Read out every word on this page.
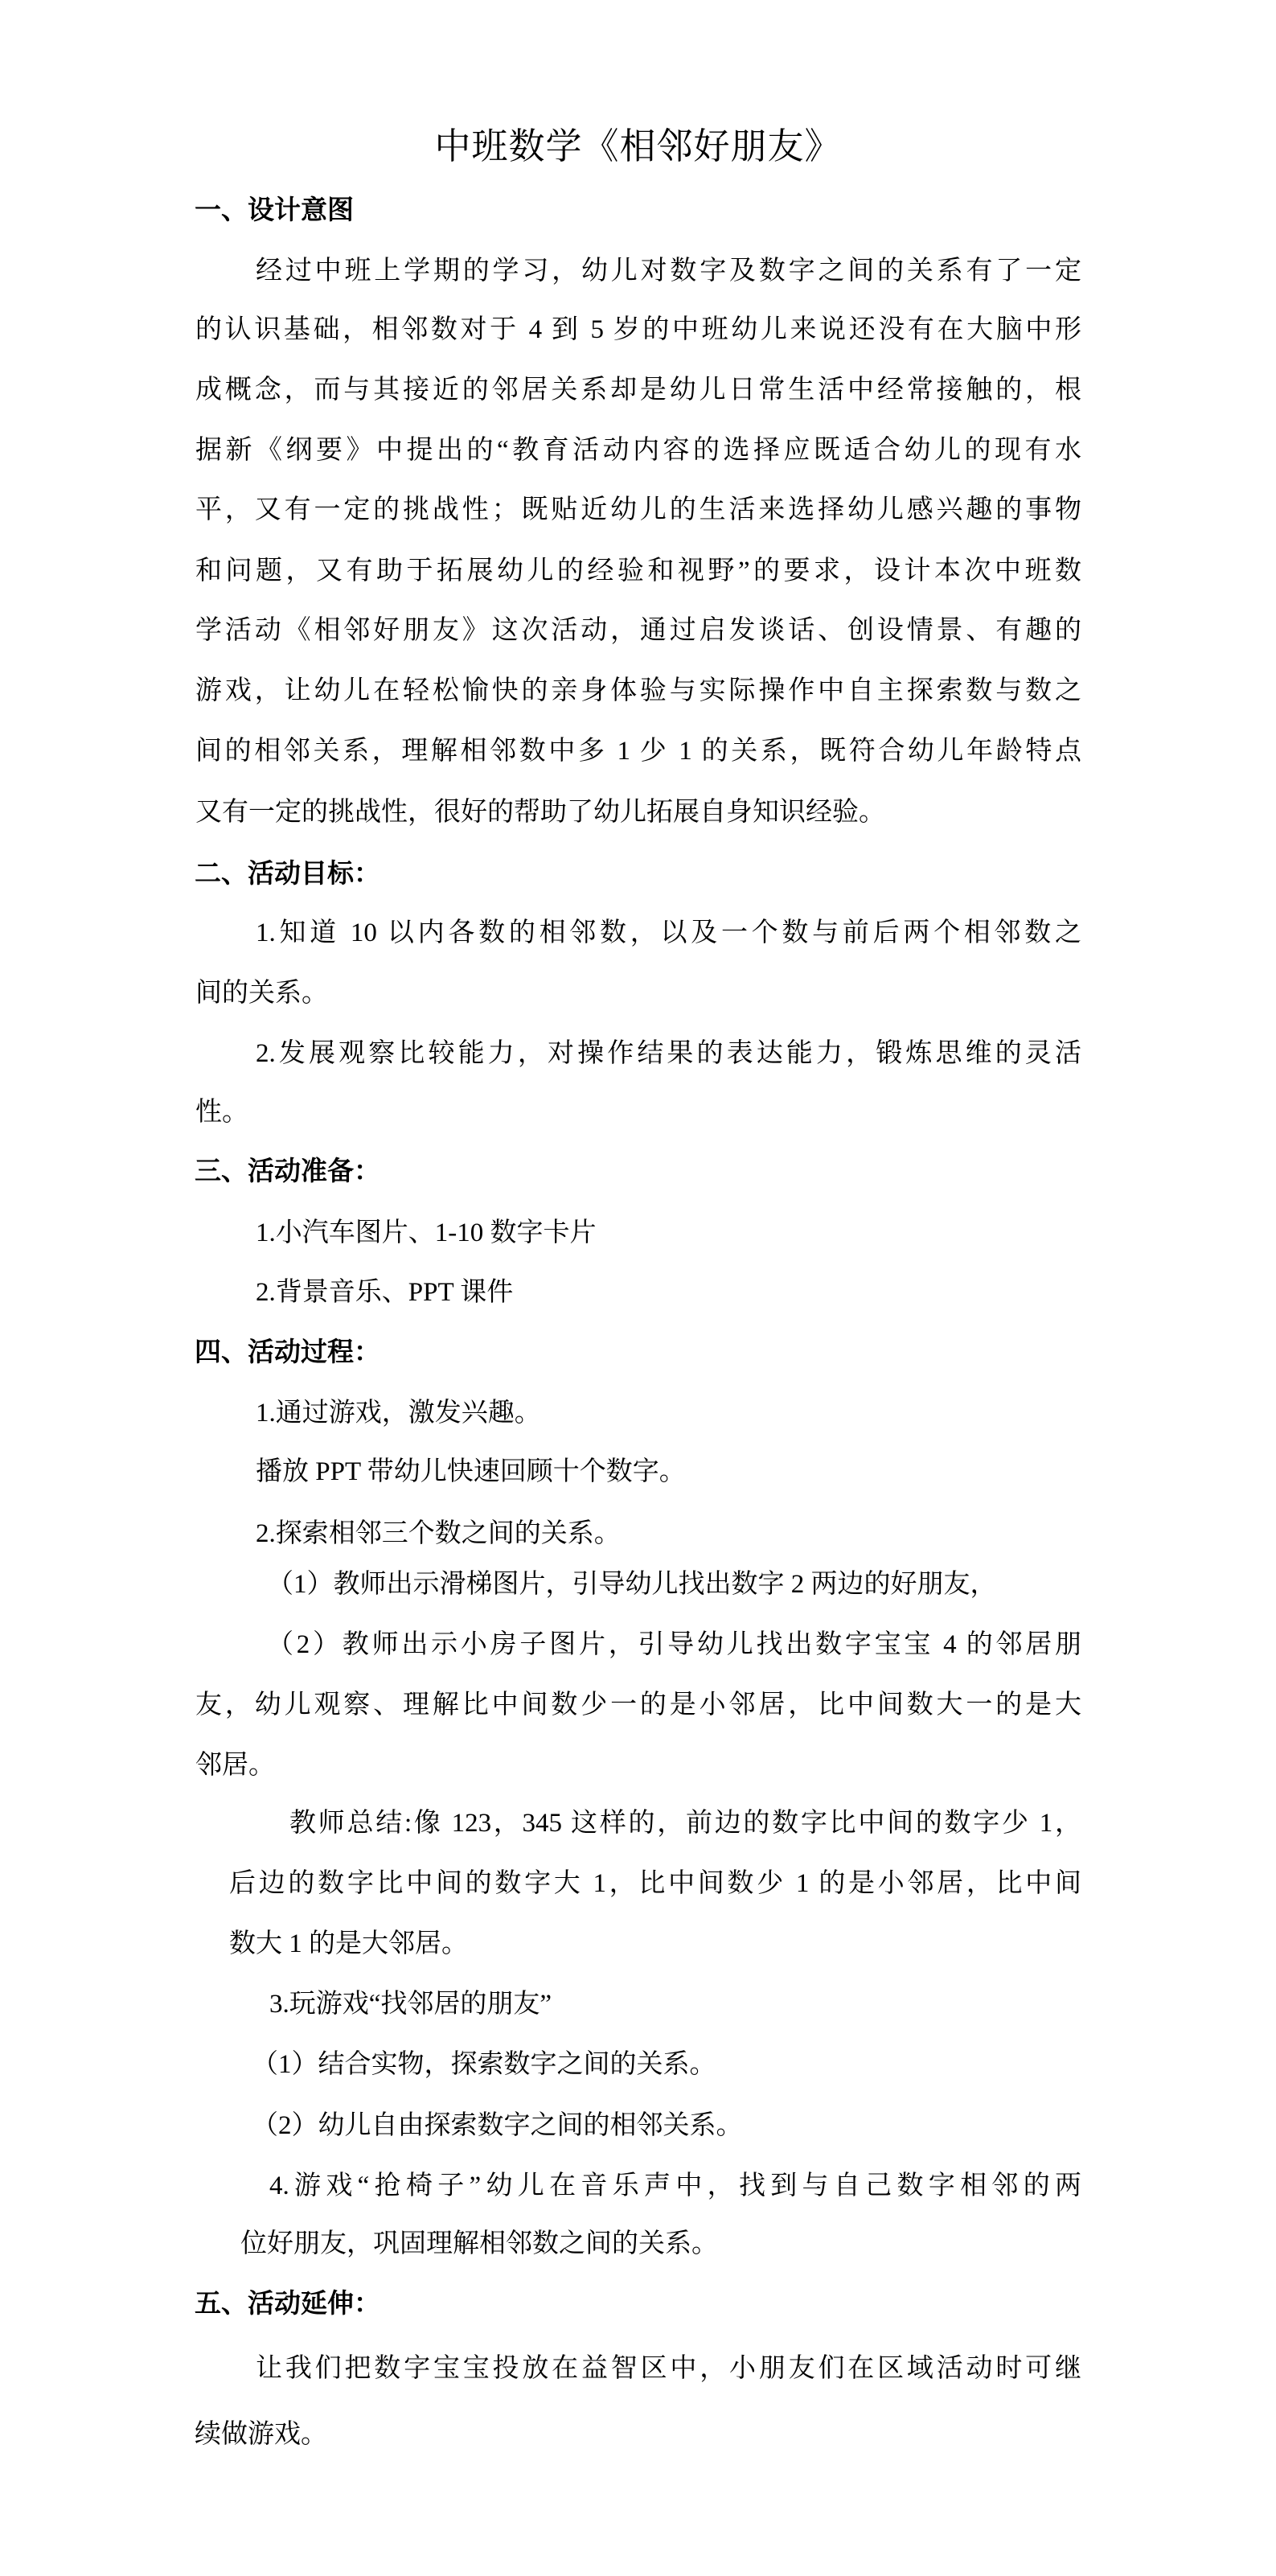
中班数学《相邻好朋友》
一、设计意图
经过中班上学期的学习，幼儿对数字及数字之间的关系有了一定
的认识基础，相邻数对于 4 到 5 岁的中班幼儿来说还没有在大脑中形
成概念，而与其接近的邻居关系却是幼儿日常生活中经常接触的，根
据新《纲要》中提出的“教育活动内容的选择应既适合幼儿的现有水
平，又有一定的挑战性；既贴近幼儿的生活来选择幼儿感兴趣的事物
和问题，又有助于拓展幼儿的经验和视野”的要求，设计本次中班数
学活动《相邻好朋友》这次活动，通过启发谈话、创设情景、有趣的
游戏，让幼儿在轻松愉快的亲身体验与实际操作中自主探索数与数之
间的相邻关系，理解相邻数中多 1 少 1 的关系，既符合幼儿年龄特点
又有一定的挑战性，很好的帮助了幼儿拓展自身知识经验。
二、活动目标：
1.知道 10 以内各数的相邻数，以及一个数与前后两个相邻数之
间的关系。
2.发展观察比较能力，对操作结果的表达能力，锻炼思维的灵活
性。
三、活动准备：
1.小汽车图片、1-10 数字卡片
2.背景音乐、PPT 课件
四、活动过程：
1.通过游戏，激发兴趣。
播放 PPT 带幼儿快速回顾十个数字。
2.探索相邻三个数之间的关系。
（1）教师出示滑梯图片，引导幼儿找出数字 2 两边的好朋友，
（2）教师出示小房子图片，引导幼儿找出数字宝宝 4 的邻居朋
友，幼儿观察、理解比中间数少一的是小邻居，比中间数大一的是大
邻居。
教师总结:像 123，345 这样的，前边的数字比中间的数字少 1，
后边的数字比中间的数字大 1，比中间数少 1 的是小邻居，比中间
数大 1 的是大邻居。
3.玩游戏“找邻居的朋友”
（1）结合实物，探索数字之间的关系。
（2）幼儿自由探索数字之间的相邻关系。
4.游戏“抢椅子”幼儿在音乐声中，找到与自己数字相邻的两
位好朋友，巩固理解相邻数之间的关系。
五、活动延伸：
让我们把数字宝宝投放在益智区中，小朋友们在区域活动时可继
续做游戏。
